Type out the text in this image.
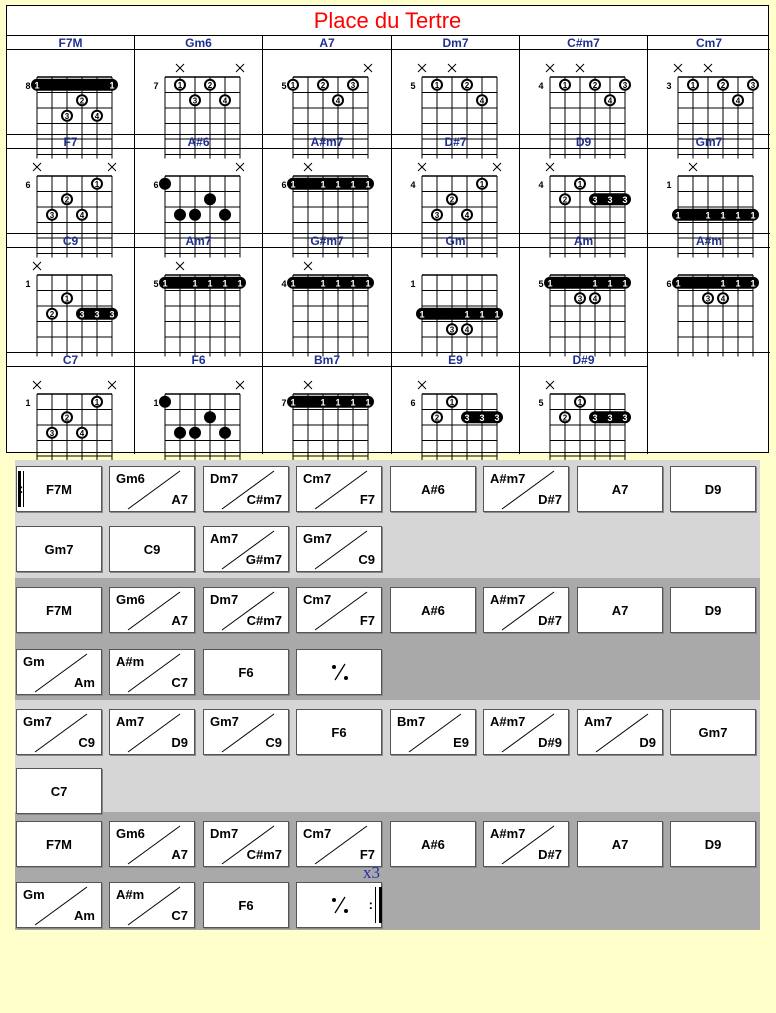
Place du Tertre
F7M
8 1	1
2
3	4
Gm6
7 1	2
3	4
A7
5 1	2	3
4
Dm7
5 1	2
4
C#m7
4 1	2	3
4
Cm7
3 1	2	3
4
F7
6	1
2
3	4
A#6
6
A#m7
6 1	1 1 1 1
D#7
4	1
2
3	4
D9
4
3 3 3
1
2
Gm7
1
1	1 1 1 1
C9
1
3 3 3
1
2
Am7
5 1	1 1 1 1
G#m7
4 1	1 1 1 1
Gm
1
1	1 1 1
3 4
Am
5 1	1 1 1
3 4
A#m
6 1	1 1 1
3 4
C7
1	1
2
3	4
F6
1
Bm7
7 1	1 1 1 1
E9
6
3 3 3
1
2
D#9
5
3 3 3
1
2
F7M
:
Gm6
A7
Dm7
C#m7
Cm7
F7
A#6
A#m7
D#7
A7	D9
Gm7	C9
Am7
G#m7
Gm7
C9
F7M
Gm6
A7
Dm7
C#m7
Cm7
F7
A#6
A#m7
D#7
A7	D9
Gm
Am
A#m
C7
F6
Gm7
C9
Am7
D9
Gm7
C9
F6
Bm7
E9
A#m7
D#9
Am7
D9
Gm7
C7
F7M
Gm6
A7
Dm7
C#m7
Cm7
F7
A#6
A#m7
D#7
A7	D9
Gm
Am
A#m
C7
F6	:
x3
